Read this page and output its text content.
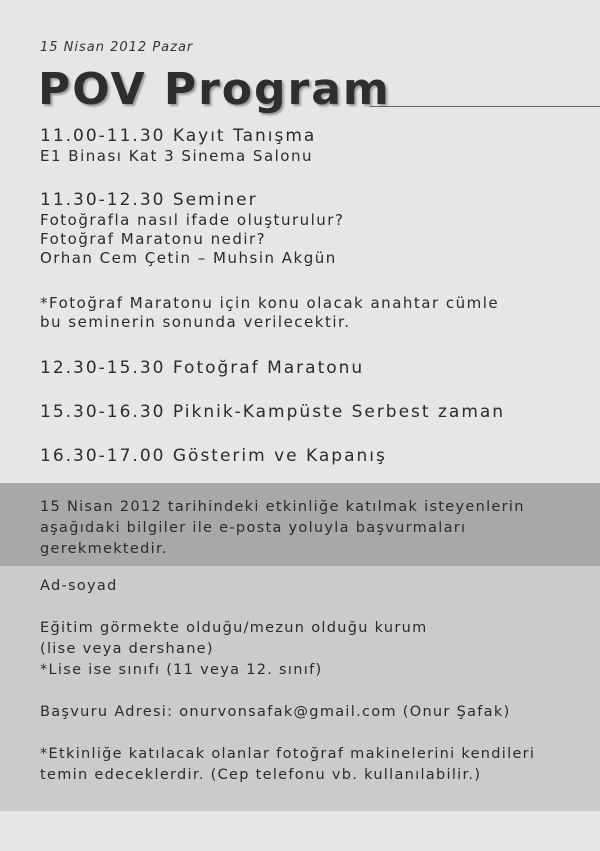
15 Nisan 2012 Pazar
POV Program
11.00-11.30 Kayıt Tanışma
E1 Binası Kat 3 Sinema Salonu
11.30-12.30 Seminer
Fotoğrafla nasıl ifade oluşturulur?
Fotoğraf Maratonu nedir?
Orhan Cem Çetin – Muhsin Akgün
*Fotoğraf Maratonu için konu olacak anahtar cümle
bu seminerin sonunda verilecektir.
12.30-15.30 Fotoğraf Maratonu
15.30-16.30 Piknik-Kampüste Serbest zaman
16.30-17.00 Gösterim ve Kapanış
15 Nisan 2012 tarihindeki etkinliğe katılmak isteyenlerin
aşağıdaki bilgiler ile e-posta yoluyla başvurmaları
gerekmektedir.
Ad-soyad
Eğitim görmekte olduğu/mezun olduğu kurum
(lise veya dershane)
*Lise ise sınıfı (11 veya 12. sınıf)
Başvuru Adresi: onurvonsafak@gmail.com (Onur Şafak)
*Etkinliğe katılacak olanlar fotoğraf makinelerini kendileri
temin edeceklerdir. (Cep telefonu vb. kullanılabilir.)
